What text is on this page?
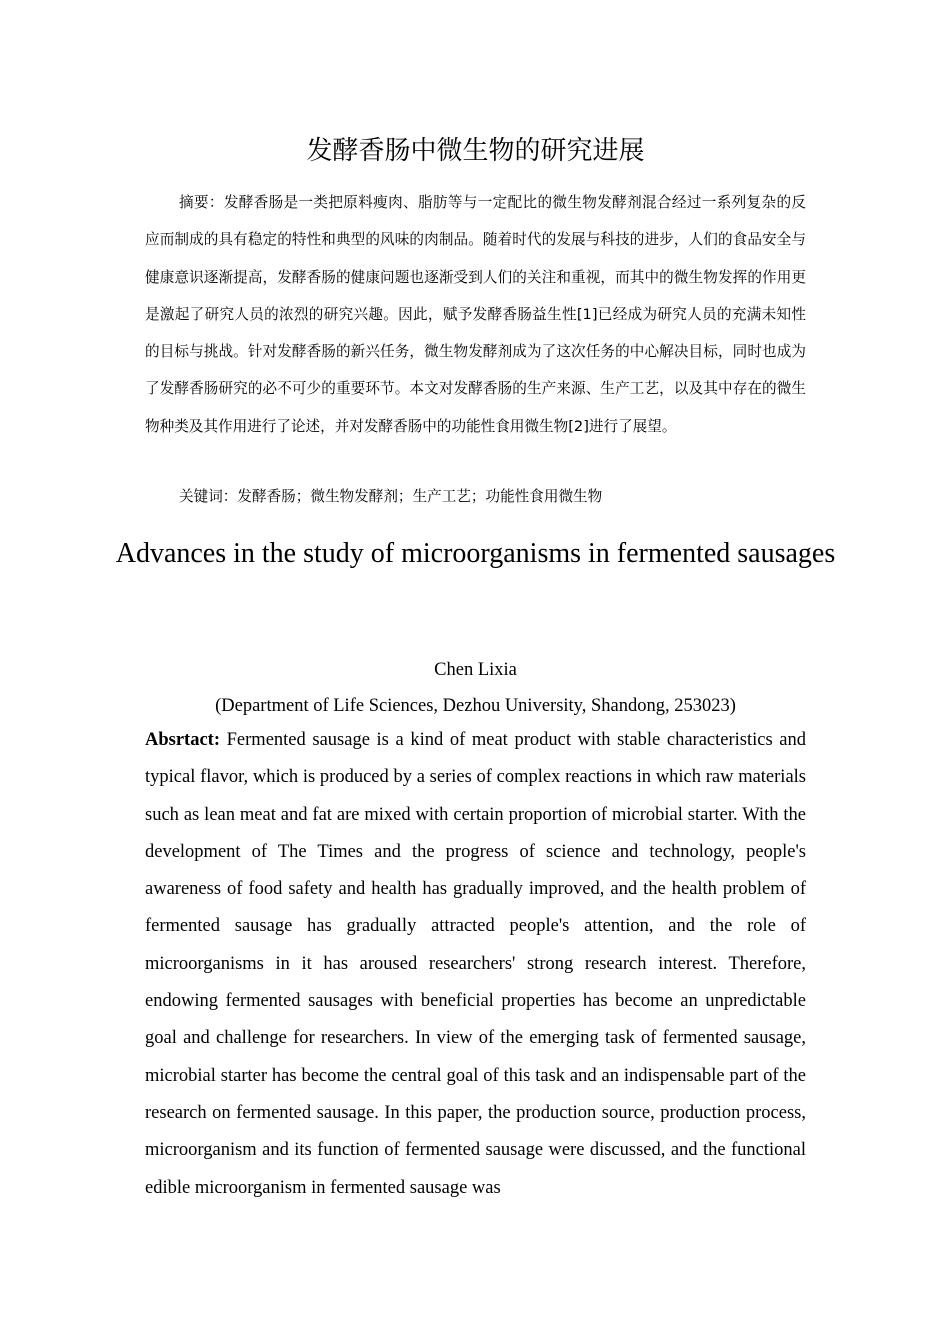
发酵香肠中微生物的研究进展

摘要：发酵香肠是一类把原料瘦肉、脂肪等与一定配比的微生物发酵剂混合经过一系列复杂的反应而制成的具有稳定的特性和典型的风味的肉制品。随着时代的发展与科技的进步，人们的食品安全与健康意识逐渐提高，发酵香肠的健康问题也逐渐受到人们的关注和重视，而其中的微生物发挥的作用更是激起了研究人员的浓烈的研究兴趣。因此，赋予发酵香肠益生性[1]已经成为研究人员的充满未知性的目标与挑战。针对发酵香肠的新兴任务，微生物发酵剂成为了这次任务的中心解决目标，同时也成为了发酵香肠研究的必不可少的重要环节。本文对发酵香肠的生产来源、生产工艺，以及其中存在的微生物种类及其作用进行了论述，并对发酵香肠中的功能性食用微生物[2]进行了展望。

关键词：发酵香肠；微生物发酵剂；生产工艺；功能性食用微生物

Advances in the study of microorganisms in fermented sausages

Chen Lixia

(Department of Life Sciences, Dezhou University, Shandong, 253023)

Absrtact: Fermented sausage is a kind of meat product with stable characteristics and typical flavor, which is produced by a series of complex reactions in which raw materials such as lean meat and fat are mixed with certain proportion of microbial starter. With the development of The Times and the progress of science and technology, people's awareness of food safety and health has gradually improved, and the health problem of fermented sausage has gradually attracted people's attention, and the role of microorganisms in it has aroused researchers' strong research interest. Therefore, endowing fermented sausages with beneficial properties has become an unpredictable goal and challenge for researchers. In view of the emerging task of fermented sausage, microbial starter has become the central goal of this task and an indispensable part of the research on fermented sausage. In this paper, the production source, production process, microorganism and its function of fermented sausage were discussed, and the functional edible microorganism in fermented sausage was
